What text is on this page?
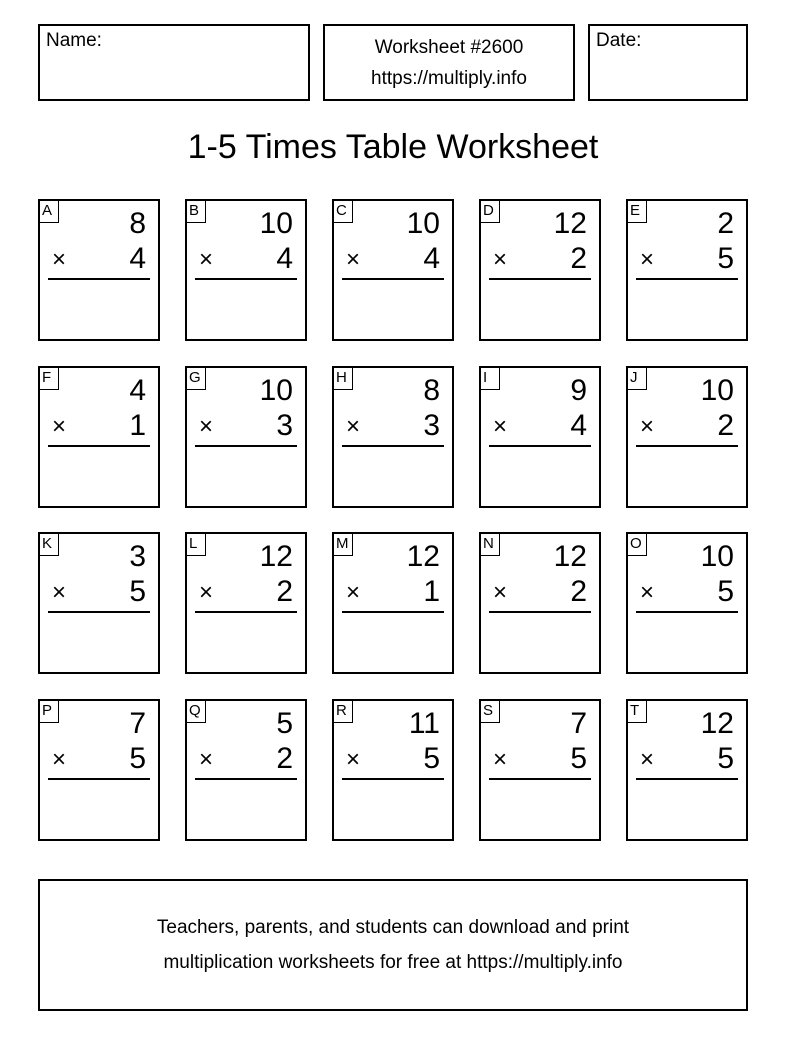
Name:	Worksheet #2600
https://multiply.info
Date:
1-5 Times Table Worksheet
A	8
× 4
B 10
× 4
C 10
× 4
D 12
× 2
E	2
× 5
F	4
× 1
G 10
× 3
H	8
× 3
I	9
× 4
J	10
× 2
K	3
× 5
L 12
× 2
M 12
× 1
N 12
× 2
O 10
× 5
P	7
× 5
Q	5
× 2
R 11
× 5
S	7
× 5
T 12
× 5
Teachers, parents, and students can download and print
multiplication worksheets for free at https://multiply.info
